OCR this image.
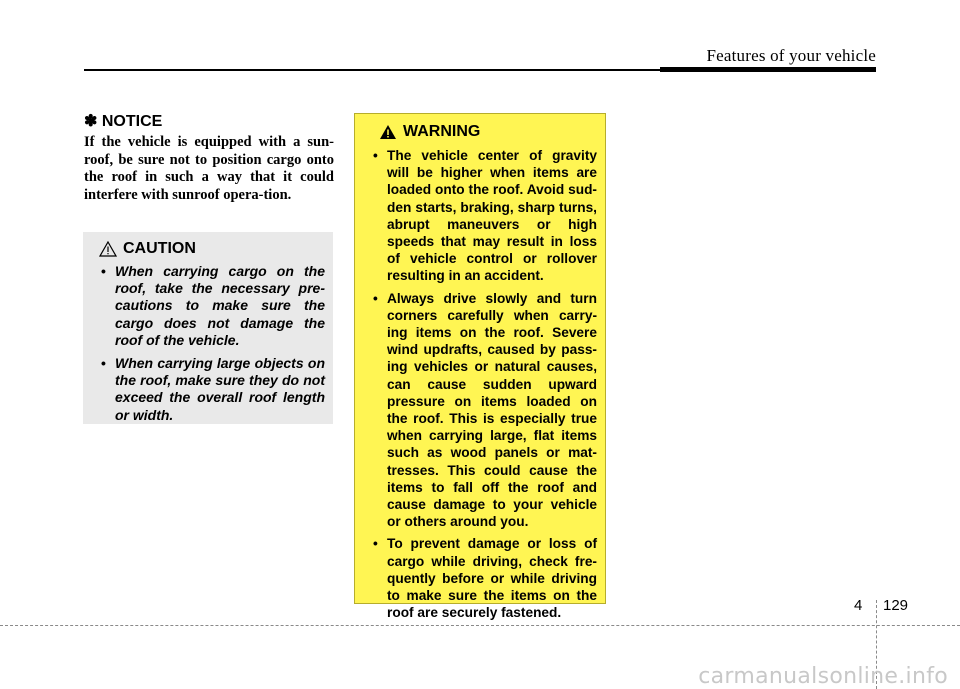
Features of your vehicle
✽ NOTICE
If the vehicle is equipped with a sun-roof, be sure not to position cargo onto the roof in such a way that it could interfere with sunroof opera-tion.
CAUTION
• When carrying cargo on the roof, take the necessary pre-cautions to make sure the cargo does not damage the roof of the vehicle.
• When carrying large objects on the roof, make sure they do not exceed the overall roof length or width.
WARNING
• The vehicle center of gravity will be higher when items are loaded onto the roof. Avoid sud-den starts, braking, sharp turns, abrupt maneuvers or high speeds that may result in loss of vehicle control or rollover resulting in an accident.
• Always drive slowly and turn corners carefully when carry-ing items on the roof. Severe wind updrafts, caused by pass-ing vehicles or natural causes, can cause sudden upward pressure on items loaded on the roof. This is especially true when carrying large, flat items such as wood panels or mat-tresses. This could cause the items to fall off the roof and cause damage to your vehicle or others around you.
• To prevent damage or loss of cargo while driving, check fre-quently before or while driving to make sure the items on the roof are securely fastened.	4 129
carmanualsonline.info
